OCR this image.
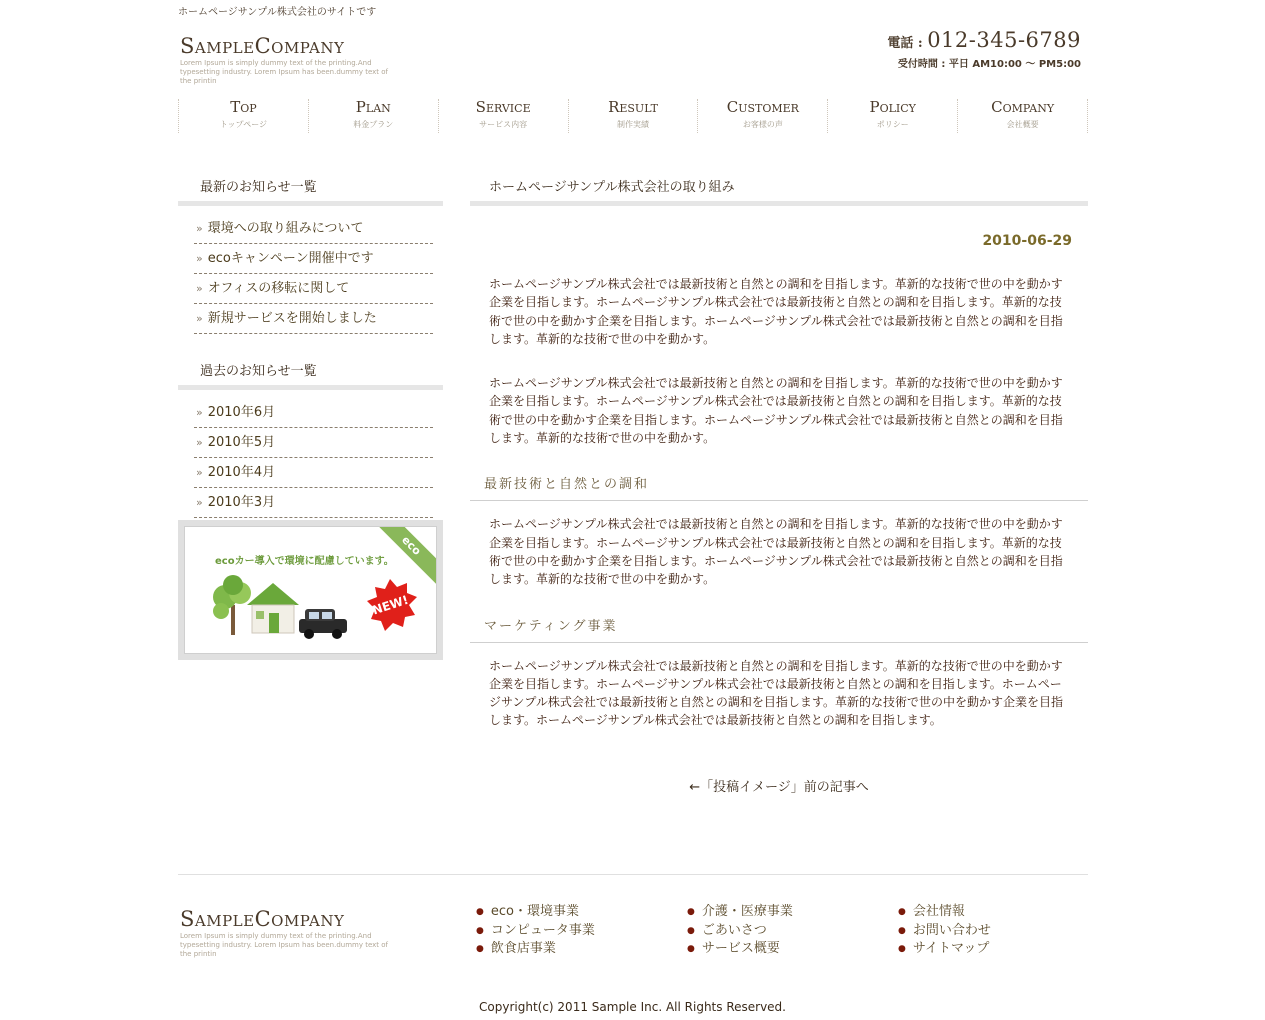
ホームページサンプル株式会社のサイトです
SampleCompany
Lorem Ipsum is simply dummy text of the printing.And typesetting industry. Lorem Ipsum has been.dummy text of the printin
電話 : 012-345-6789
受付時間 : 平日 AM10:00 〜 PM5:00
Top
トップページ
Plan
料金プラン
Service
サービス内容
Result
制作実績
Customer
お客様の声
Policy
ポリシー
Company
会社概要
最新のお知らせ一覧
» 環境への取り組みについて
» ecoキャンペーン開催中です
» オフィスの移転に関して
» 新規サービスを開始しました
過去のお知らせ一覧
» 2010年6月
» 2010年5月
» 2010年4月
» 2010年3月
ecoカー導入で環境に配慮しています。
eco
NEW!
ホームページサンプル株式会社の取り組み
2010-06-29

ホームページサンプル株式会社では最新技術と自然との調和を目指します。革新的な技術で世の中を動かす企業を目指します。ホームページサンプル株式会社では最新技術と自然との調和を目指します。革新的な技術で世の中を動かす企業を目指します。ホームページサンプル株式会社では最新技術と自然との調和を目指します。革新的な技術で世の中を動かす。

ホームページサンプル株式会社では最新技術と自然との調和を目指します。革新的な技術で世の中を動かす企業を目指します。ホームページサンプル株式会社では最新技術と自然との調和を目指します。革新的な技術で世の中を動かす企業を目指します。ホームページサンプル株式会社では最新技術と自然との調和を目指します。革新的な技術で世の中を動かす。

最新技術と自然との調和

ホームページサンプル株式会社では最新技術と自然との調和を目指します。革新的な技術で世の中を動かす企業を目指します。ホームページサンプル株式会社では最新技術と自然との調和を目指します。革新的な技術で世の中を動かす企業を目指します。ホームページサンプル株式会社では最新技術と自然との調和を目指します。革新的な技術で世の中を動かす。

マーケティング事業

ホームページサンプル株式会社では最新技術と自然との調和を目指します。革新的な技術で世の中を動かす企業を目指します。ホームページサンプル株式会社では最新技術と自然との調和を目指します。ホームページサンプル株式会社では最新技術と自然との調和を目指します。革新的な技術で世の中を動かす企業を目指します。ホームページサンプル株式会社では最新技術と自然との調和を目指します。

←「投稿イメージ」前の記事へ
SampleCompany
Lorem Ipsum is simply dummy text of the printing.And typesetting industry. Lorem Ipsum has been.dummy text of the printin
● eco・環境事業
● コンピュータ事業
● 飲食店事業
● 介護・医療事業
● ごあいさつ
● サービス概要
● 会社情報
● お問い合わせ
● サイトマップ
Copyright(c) 2011 Sample Inc. All Rights Reserved.
